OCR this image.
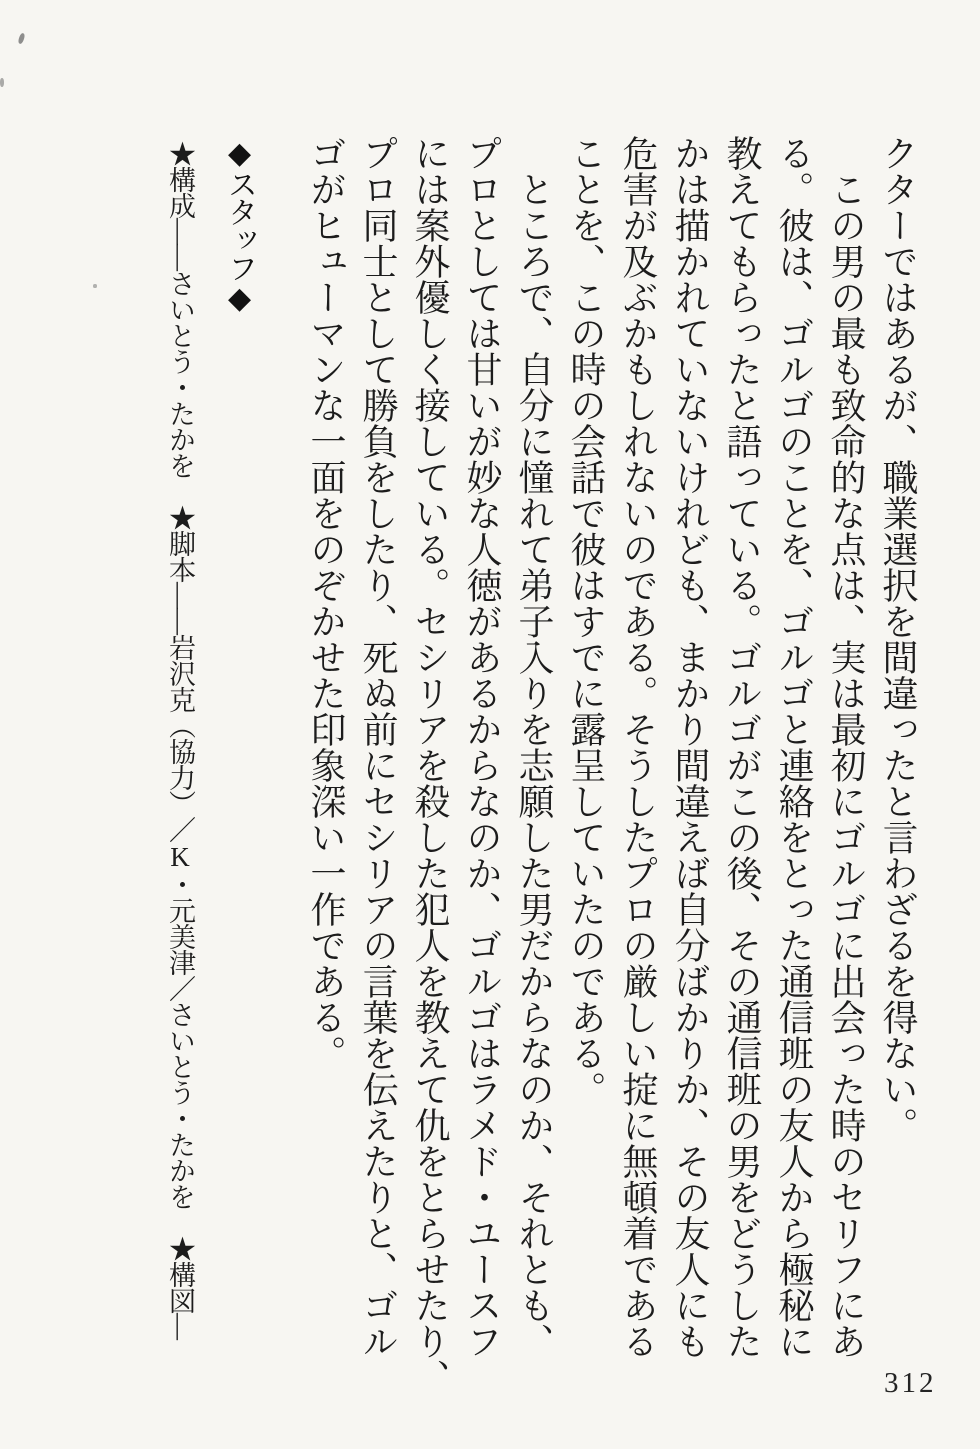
クターではあるが、職業選択を間違ったと言わざるを得ない。

　この男の最も致命的な点は、実は最初にゴルゴに出会った時のセリフにあ

る。彼は、ゴルゴのことを、ゴルゴと連絡をとった通信班の友人から極秘に

教えてもらったと語っている。ゴルゴがこの後、その通信班の男をどうした

かは描かれていないけれども、まかり間違えば自分ばかりか、その友人にも

危害が及ぶかもしれないのである。そうしたプロの厳しい掟に無頓着である

ことを、この時の会話で彼はすでに露呈していたのである。

　ところで、自分に憧れて弟子入りを志願した男だからなのか、それとも、

プロとしては甘いが妙な人徳があるからなのか、ゴルゴはラメド・ユースフ

には案外優しく接している。セシリアを殺した犯人を教えて仇をとらせたり、

プロ同士として勝負をしたり、死ぬ前にセシリアの言葉を伝えたりと、ゴル

ゴがヒューマンな一面をのぞかせた印象深い一作である。

◆スタッフ◆
★構成——さいとう・たかを　★脚本——岩沢克（協力）／K・元美津／さいとう・たかを　★構図—
312
